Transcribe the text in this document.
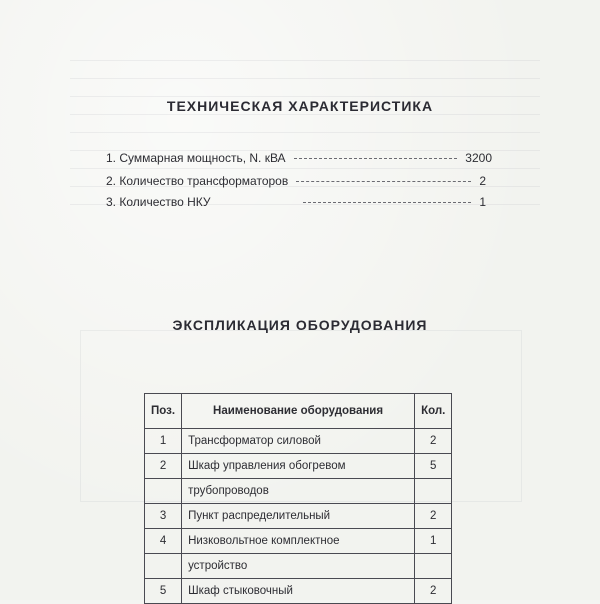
ТЕХНИЧЕСКАЯ ХАРАКТЕРИСТИКА
1. Суммарная мощность, N. кВА	3200
2. Количество трансформаторов	2
3. Количество НКУ	1
ЭКСПЛИКАЦИЯ ОБОРУДОВАНИЯ
Поз.	Наименование оборудования	Кол.
1	Трансформатор силовой	2
2	Шкаф управления обогревом	5
	трубопроводов	
3	Пункт распределительный	2
4	Низковольтное комплектное	1
	устройство	
5	Шкаф стыковочный	2
